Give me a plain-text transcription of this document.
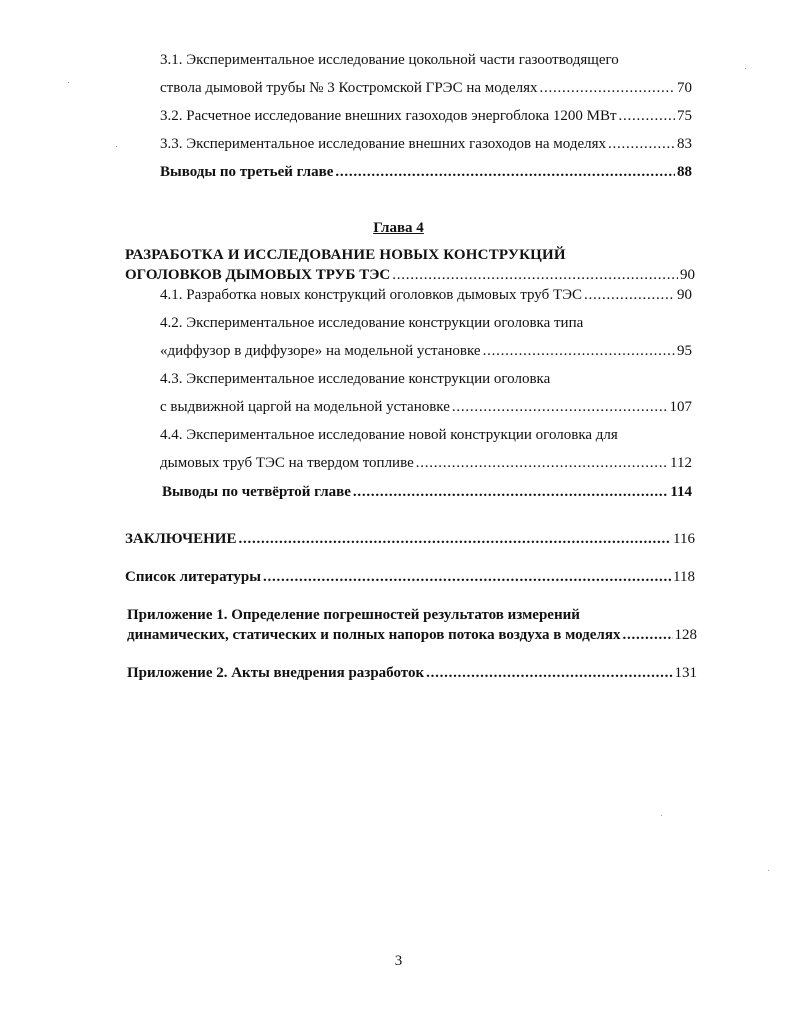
3.1. Экспериментальное исследование цокольной части газоотводящего
ствола дымовой трубы № 3 Костромской ГРЭС на моделях . . .	70
3.2. Расчетное исследование внешних газоходов энергоблока 1200 МВт . . .	75
3.3. Экспериментальное исследование внешних газоходов на моделях . . .	83
Выводы по третьей главе . . .	88
Глава 4
РАЗРАБОТКА И ИССЛЕДОВАНИЕ НОВЫХ КОНСТРУКЦИЙ
ОГОЛОВКОВ ДЫМОВЫХ ТРУБ ТЭС . . .	90
4.1. Разработка новых конструкций оголовков дымовых труб ТЭС . . .	90
4.2. Экспериментальное исследование конструкции оголовка типа
«диффузор в диффузоре» на модельной установке . . .	95
4.3. Экспериментальное исследование конструкции оголовка
с выдвижной царгой на модельной установке . . .	107
4.4. Экспериментальное исследование новой конструкции оголовка для
дымовых труб ТЭС на твердом топливе . . .	112
Выводы по четвёртой главе . . .	114
ЗАКЛЮЧЕНИЕ . . .	116
Список литературы . . .	118
Приложение 1. Определение погрешностей результатов измерений
динамических, статических и полных напоров потока воздуха в моделях . . .	128
Приложение 2. Акты внедрения разработок . . .	131
3
